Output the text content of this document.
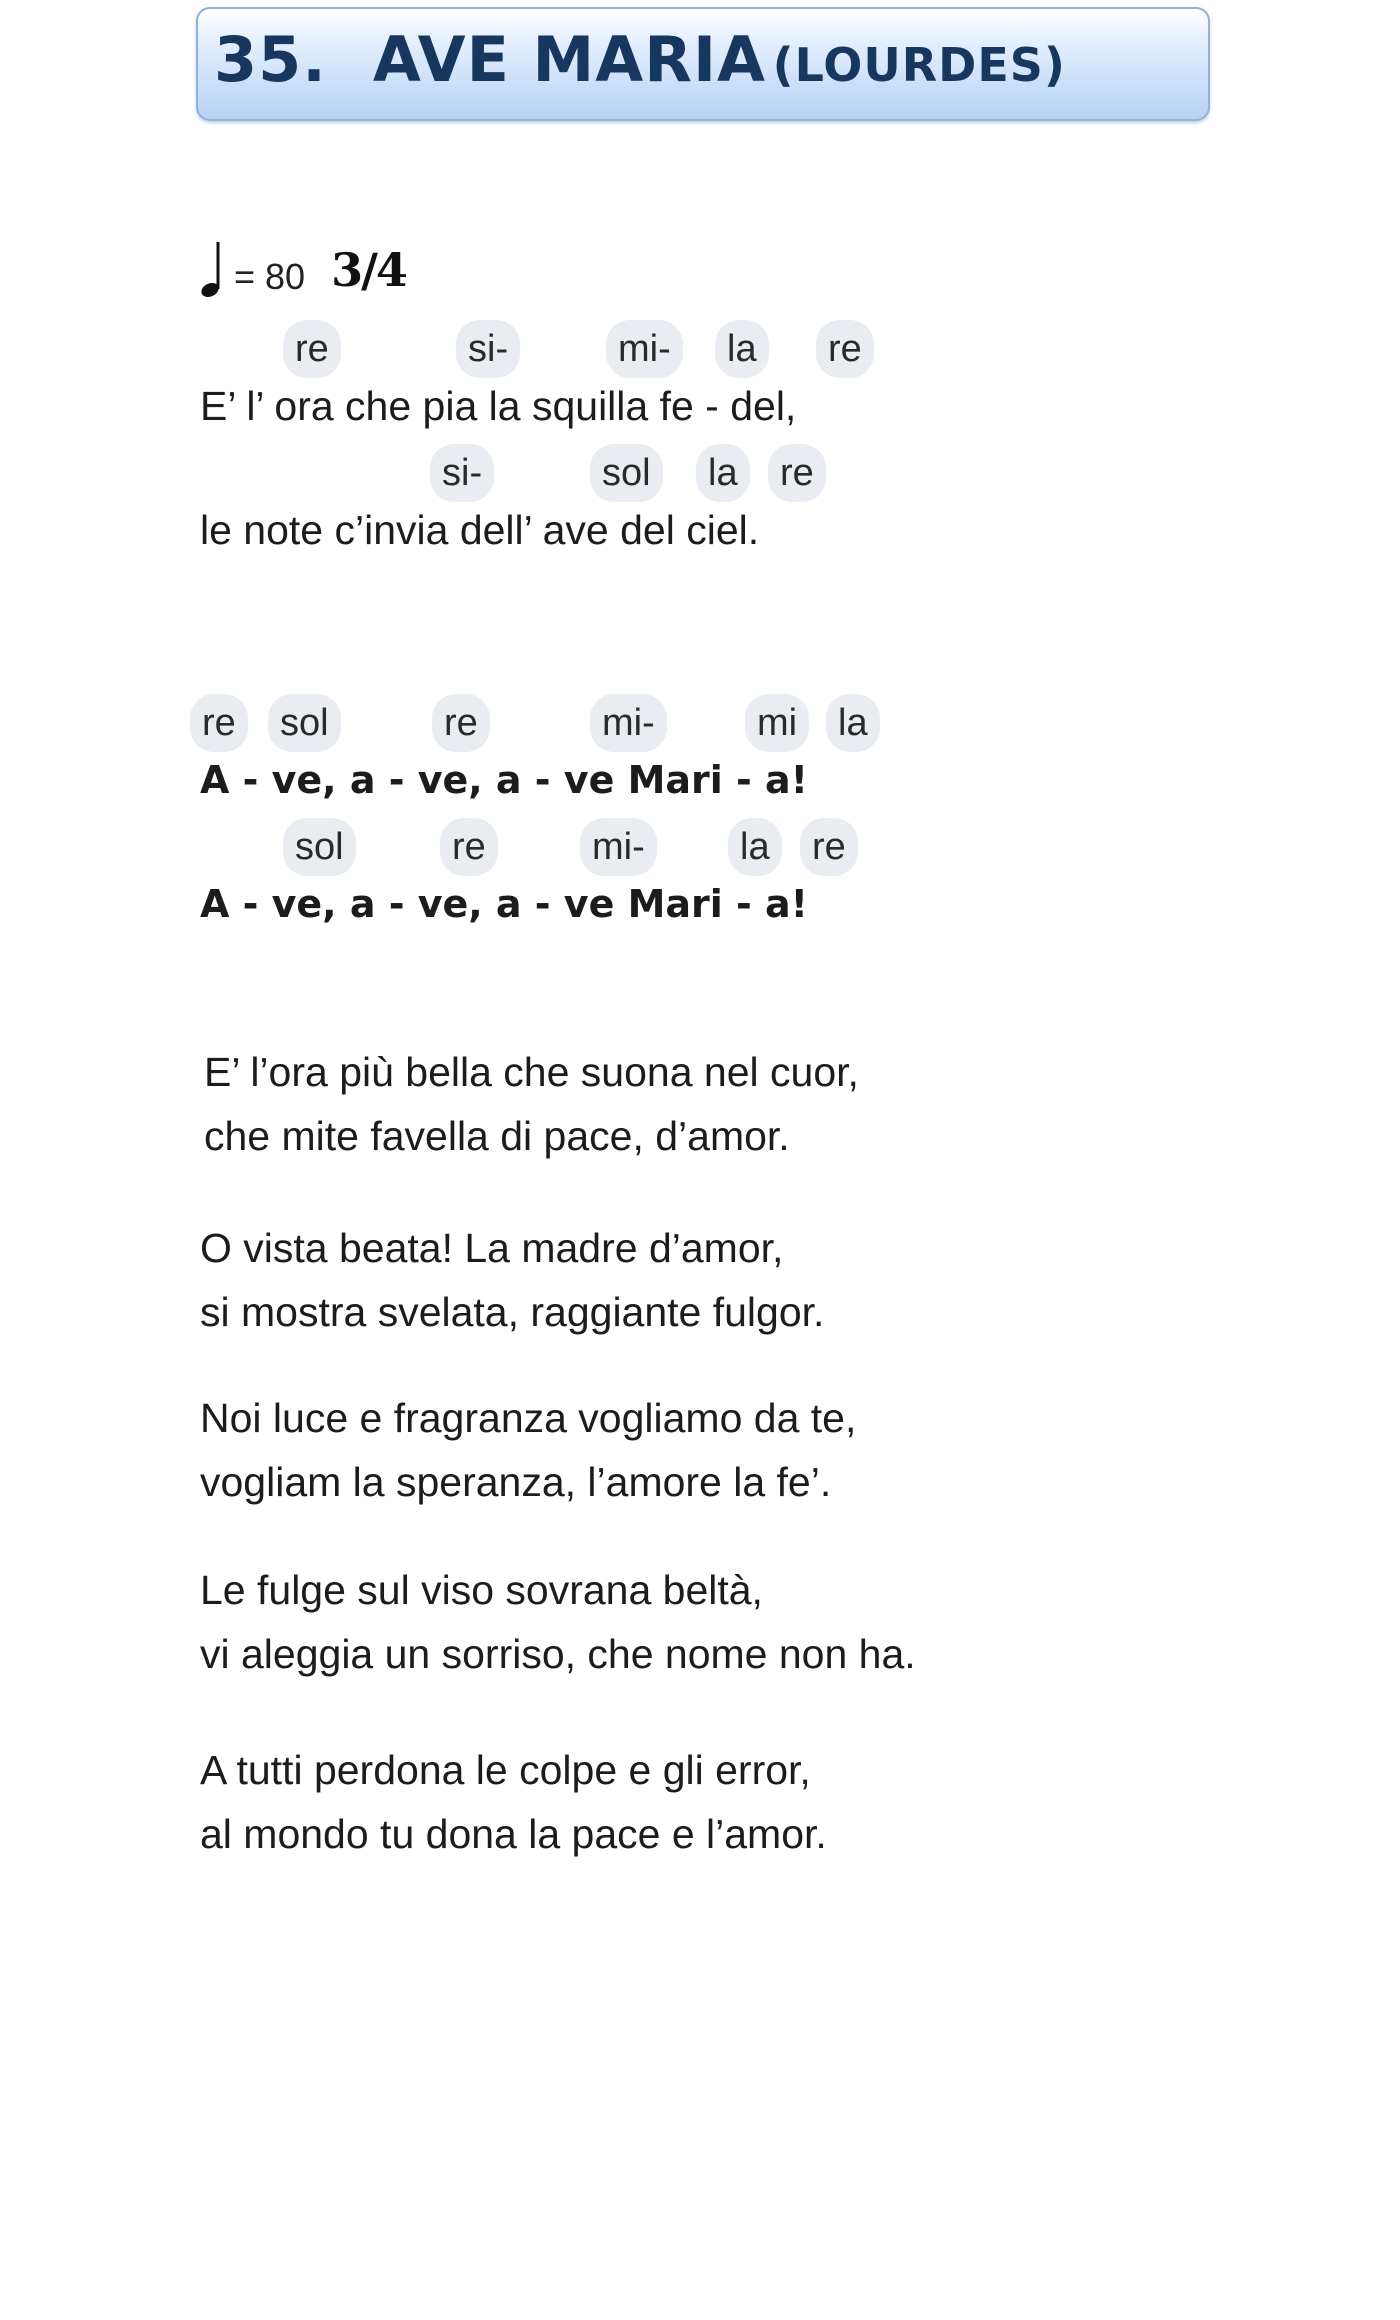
35. AVE MARIA (LOURDES)
= 80 3/4
re	si-	mi-	la	re
E’ l’ ora che pia la squilla fe - del,
si-	sol	la	re
le note c’invia dell’ ave del ciel.
re	sol	re	mi-	mi	la
A - ve, a - ve, a - ve Mari - a!
sol	re	mi-	la	re
A - ve, a - ve, a - ve Mari - a!
E’ l’ora più bella che suona nel cuor,
che mite favella di pace, d’amor.
O vista beata! La madre d’amor,
si mostra svelata, raggiante fulgor.
Noi luce e fragranza vogliamo da te,
vogliam la speranza, l’amore la fe’.
Le fulge sul viso sovrana beltà,
vi aleggia un sorriso, che nome non ha.
A tutti perdona le colpe e gli error,
al mondo tu dona la pace e l’amor.
